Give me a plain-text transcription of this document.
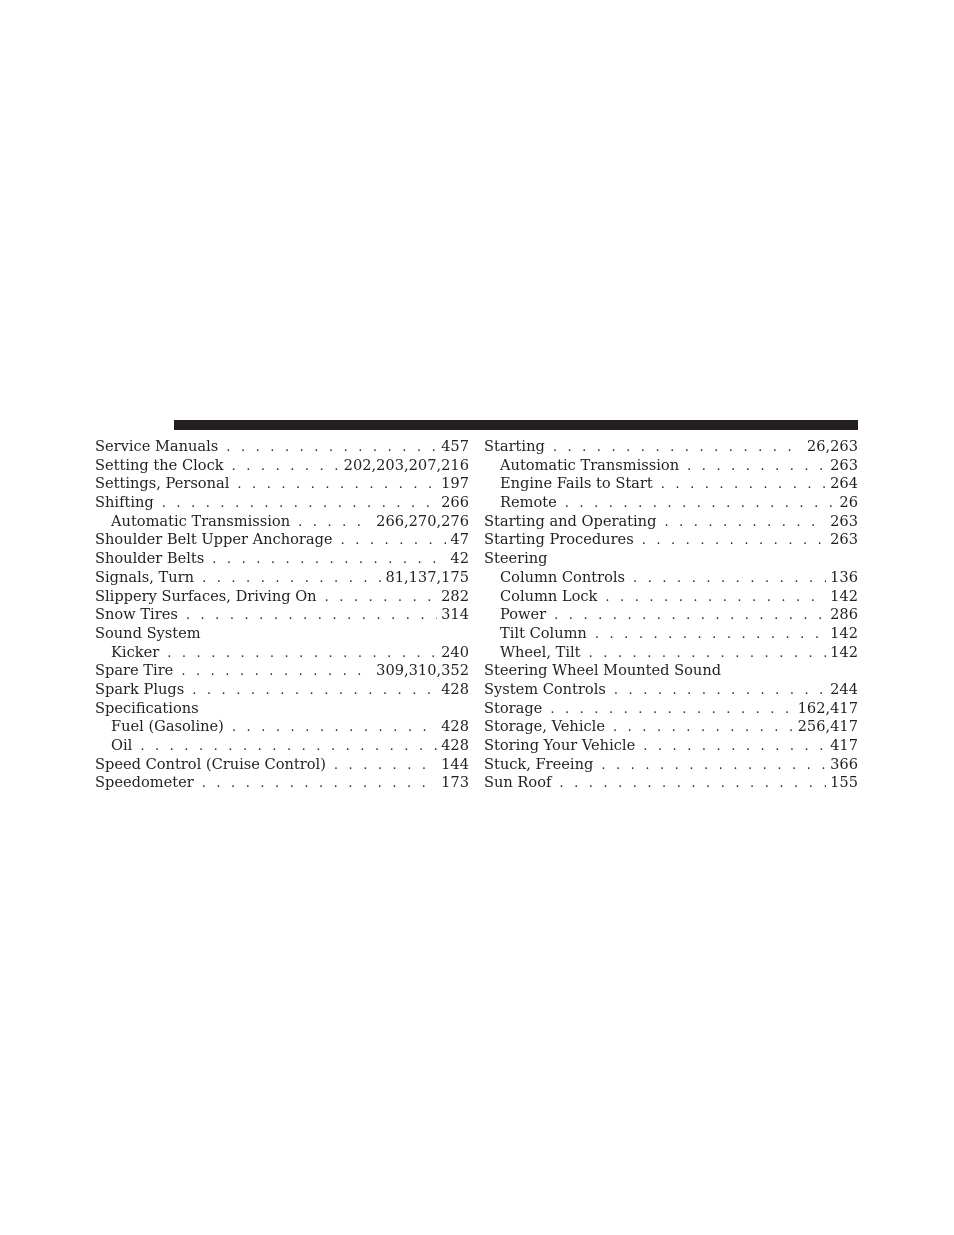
Service Manuals . . .	457
Setting the Clock . . .	202,203,207,216
Settings, Personal . . .	197
Shifting . . .	266
Automatic Transmission . . .	266,270,276
Shoulder Belt Upper Anchorage . . .	47
Shoulder Belts . . .	42
Signals, Turn . . .	81,137,175
Slippery Surfaces, Driving On . . .	282
Snow Tires . . .	314
Sound System
Kicker . . .	240
Spare Tire . . .	309,310,352
Spark Plugs . . .	428
Specifications
Fuel (Gasoline) . . .	428
Oil . . .	428
Speed Control (Cruise Control) . . .	144
Speedometer . . .	173
Starting . . .	26,263
Automatic Transmission . . .	263
Engine Fails to Start . . .	264
Remote . . .	26
Starting and Operating . . .	263
Starting Procedures . . .	263
Steering
Column Controls . . .	136
Column Lock . . .	142
Power . . .	286
Tilt Column . . .	142
Wheel, Tilt . . .	142
Steering Wheel Mounted Sound
System Controls . . .	244
Storage . . .	162,417
Storage, Vehicle . . .	256,417
Storing Your Vehicle . . .	417
Stuck, Freeing . . .	366
Sun Roof . . .	155
